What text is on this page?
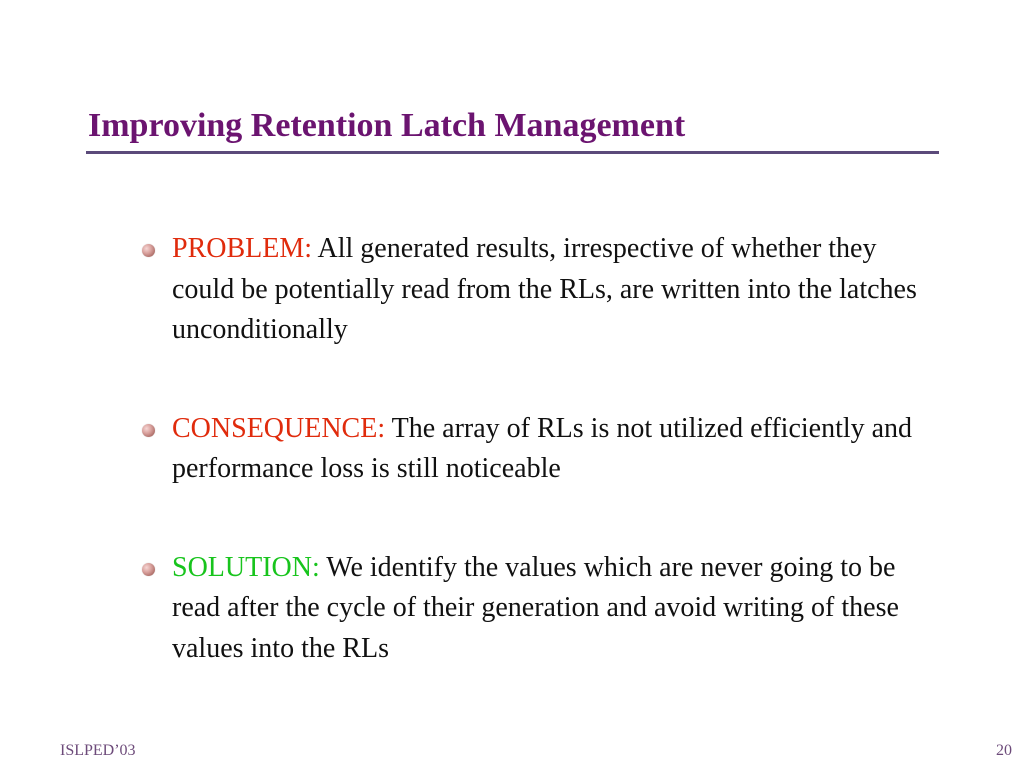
Improving Retention Latch Management
PROBLEM: All generated results, irrespective of whether they could be potentially read from the RLs, are written into the latches unconditionally
CONSEQUENCE: The array of RLs is not utilized efficiently and performance loss is still noticeable
SOLUTION: We identify the values which are never going to be read after the cycle of their generation and avoid writing of these values into the RLs
ISLPED’03	20
